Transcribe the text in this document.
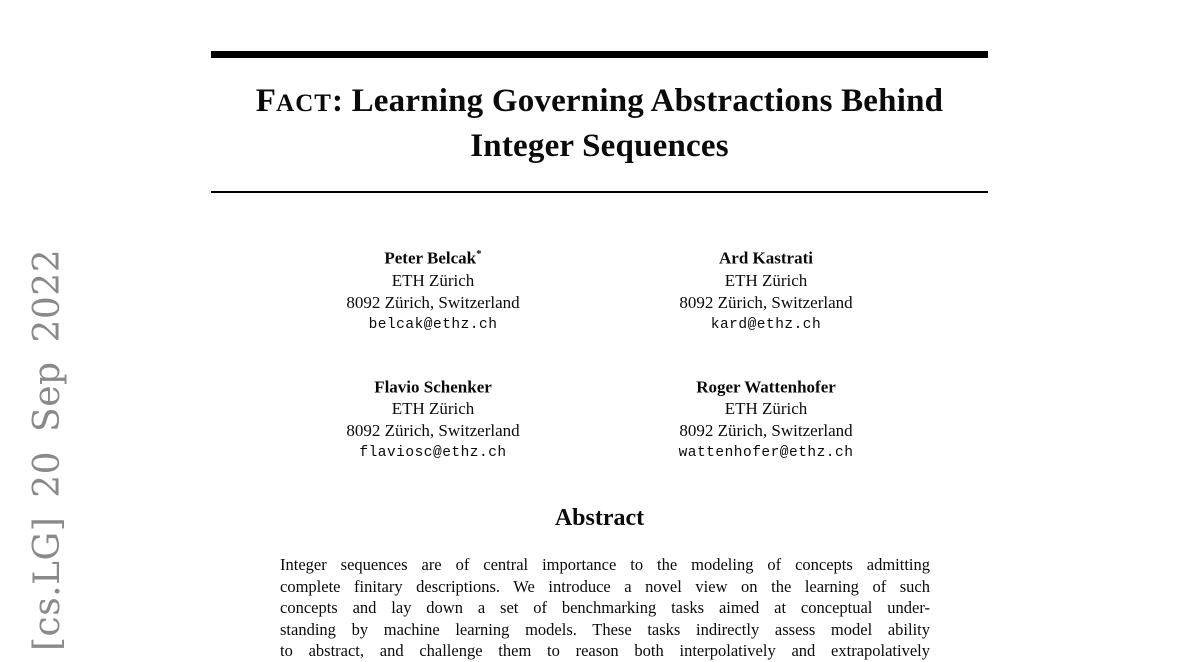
[cs.LG] 20 Sep 2022
FACT: Learning Governing Abstractions Behind
Integer Sequences
Peter Belcak*
ETH Zürich
8092 Zürich, Switzerland
belcak@ethz.ch
Ard Kastrati
ETH Zürich
8092 Zürich, Switzerland
kard@ethz.ch
Flavio Schenker
ETH Zürich
8092 Zürich, Switzerland
flaviosc@ethz.ch
Roger Wattenhofer
ETH Zürich
8092 Zürich, Switzerland
wattenhofer@ethz.ch
Abstract
Integer sequences are of central importance to the modeling of concepts admitting
complete finitary descriptions. We introduce a novel view on the learning of such
concepts and lay down a set of benchmarking tasks aimed at conceptual under-
standing by machine learning models. These tasks indirectly assess model ability
to abstract, and challenge them to reason both interpolatively and extrapolatively
